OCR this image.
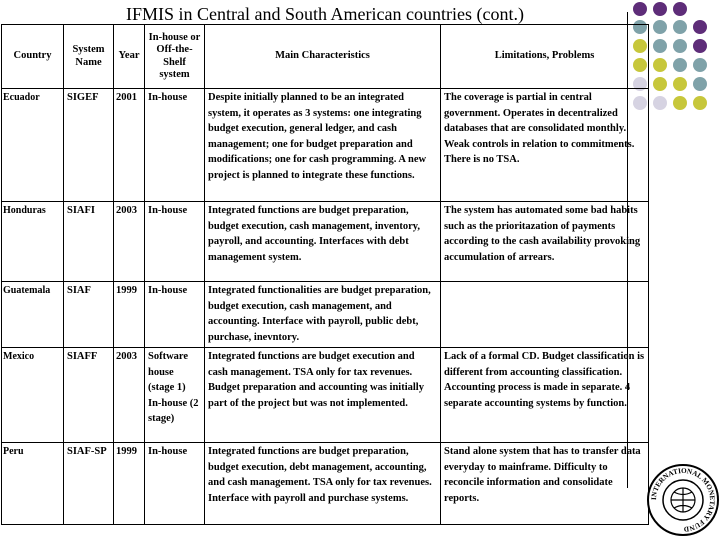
IFMIS in Central and South American countries (cont.)
Country	System Name	Year	In-house or Off-the-Shelf system	Main Characteristics	Limitations, Problems
Ecuador	SIGEF	2001	In-house	Despite initially planned to be an integrated system, it operates as 3 systems: one integrating budget execution, general ledger, and cash management; one for budget preparation and modifications; one for cash programming. A new project is planned to integrate these functions.	The coverage is partial in central government. Operates in decentralized databases that are consolidated monthly. Weak controls in relation to commitments. There is no TSA.
Honduras	SIAFI	2003	In-house	Integrated functions are budget preparation, budget execution, cash management, inventory, payroll, and accounting. Interfaces with debt management system.	The system has automated some bad habits such as the prioritazation of payments according to the cash availability provoking accumulation of arrears.
Guatemala	SIAF	1999	In-house	Integrated functionalities are budget preparation, budget execution, cash management, and accounting. Interface with payroll, public debt, purchase, inevntory.	
Mexico	SIAFF	2003	Software house (stage 1) In-house (2 stage)	Integrated functions are budget execution and cash management. TSA only for tax revenues. Budget preparation and accounting was initially part of the project but was not implemented.	Lack of a formal CD. Budget classification is different from accounting classification. Accounting process is made in separate. 4 separate accounting systems by function.
Peru	SIAF-SP	1999	In-house	Integrated functions are budget preparation, budget execution, debt management, accounting, and cash management. TSA only for tax revenues. Interface with payroll and purchase systems.	Stand alone system that has to transfer data everyday to mainframe. Difficulty to reconcile information and consolidate reports.	INTERNATIONAL MONETARY FUND
